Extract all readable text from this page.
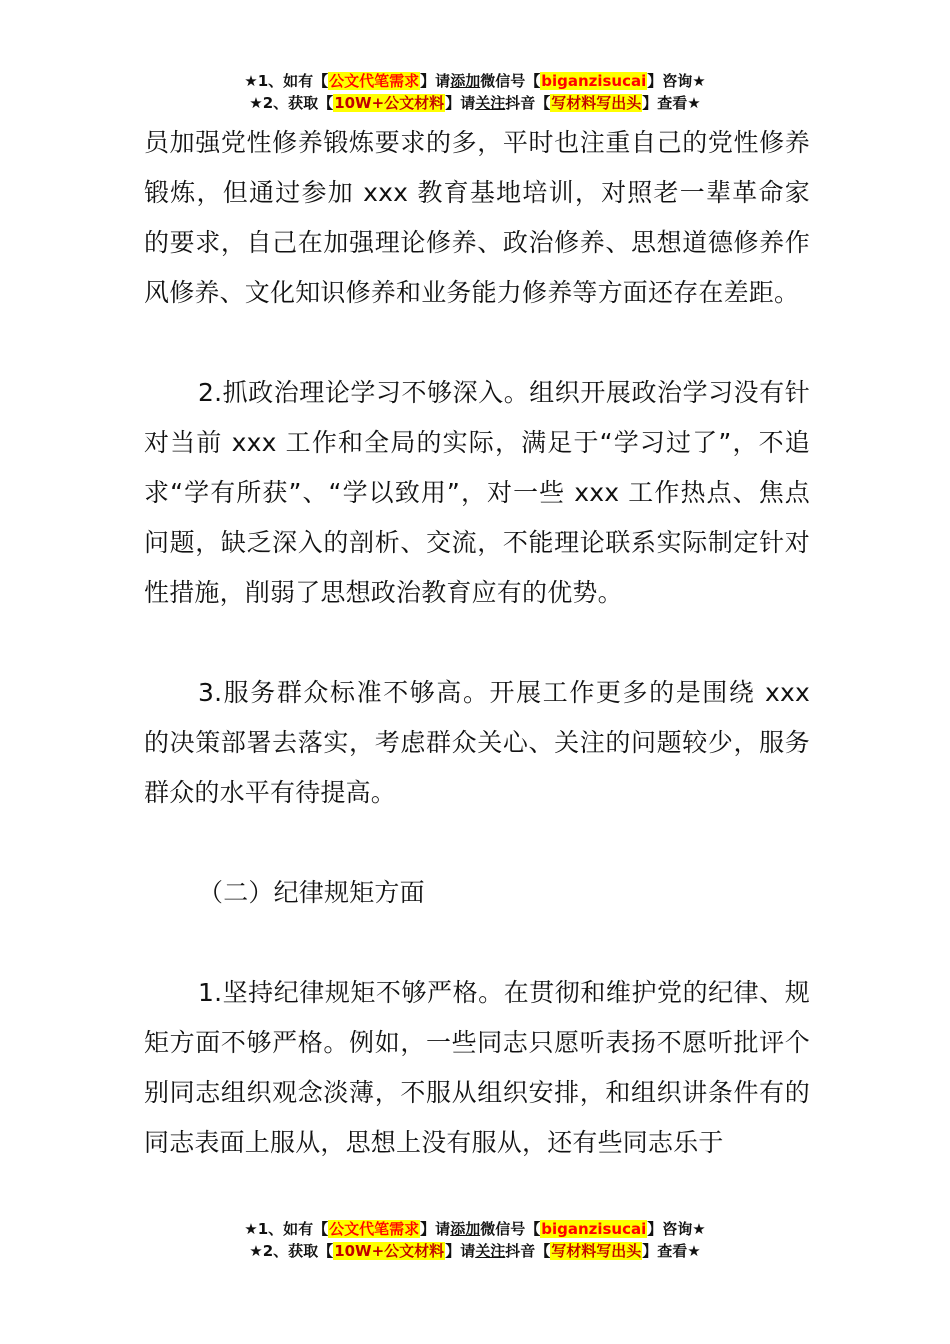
★1、如有【公文代笔需求】请添加微信号【biganzisucai】咨询★
★2、获取【10W+公文材料】请关注抖音【写材料写出头】查看★

员加强党性修养锻炼要求的多，平时也注重自己的党性修养锻炼，但通过参加 xxx 教育基地培训，对照老一辈革命家的要求，自己在加强理论修养、政治修养、思想道德修养作风修养、文化知识修养和业务能力修养等方面还存在差距。

2.抓政治理论学习不够深入。组织开展政治学习没有针对当前 xxx 工作和全局的实际，满足于“学习过了”，不追求“学有所获”、“学以致用”，对一些 xxx 工作热点、焦点问题，缺乏深入的剖析、交流，不能理论联系实际制定针对性措施，削弱了思想政治教育应有的优势。

3.服务群众标准不够高。开展工作更多的是围绕 xxx 的决策部署去落实，考虑群众关心、关注的问题较少，服务群众的水平有待提高。

（二）纪律规矩方面

1.坚持纪律规矩不够严格。在贯彻和维护党的纪律、规矩方面不够严格。例如，一些同志只愿听表扬不愿听批评个别同志组织观念淡薄，不服从组织安排，和组织讲条件有的同志表面上服从，思想上没有服从，还有些同志乐于

★1、如有【公文代笔需求】请添加微信号【biganzisucai】咨询★
★2、获取【10W+公文材料】请关注抖音【写材料写出头】查看★
